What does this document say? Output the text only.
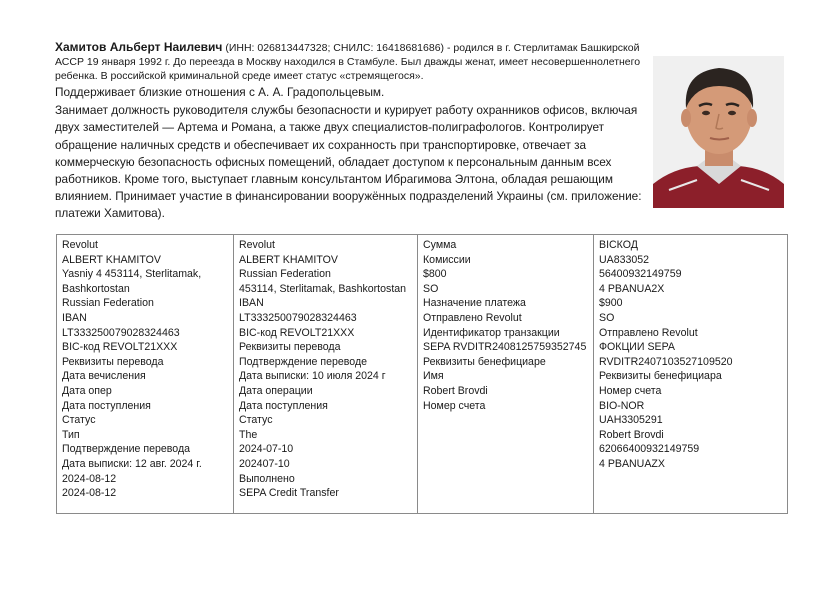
Хамитов Альберт Наилевич (ИНН: 026813447328; СНИЛС: 16418681686) - родился в г. Стерлитамак Башкирской АССР 19 января 1992 г. До переезда в Москву находился в Стамбуле. Был дважды женат, имеет несовершеннолетнего ребенка. В российской криминальной среде имеет статус «стремящегося».
Поддерживает близкие отношения с А. А. Градопольцевым.
Занимает должность руководителя службы безопасности и курирует работу охранников офисов, включая двух заместителей — Артема и Романа, а также двух специалистов-полиграфологов. Контролирует обращение наличных средств и обеспечивает их сохранность при транспортировке, отвечает за коммерческую безопасность офисных помещений, обладает доступом к персональным данным всех работников. Кроме того, выступает главным консультантом Ибрагимова Элтона, обладая решающим влиянием. Принимает участие в финансировании вооружённых подразделений Украины (см. приложение: платежи Хамитова).
Revolut
ALBERT KHAMITOV
Yasniy 4 453114, Sterlitamak, Bashkortostan
Russian Federation
IBAN
LT333250079028324463
BIC-код REVOLT21XXX
Реквизиты перевода
Дата вечисления
Дата опер
Дата поступления
Статус
Тип
Подтверждение перевода
Дата выписки: 12 авг. 2024 г.
2024-08-12
2024-08-12

Revolut
ALBERT KHAMITOV
Russian Federation
453114, Sterlitamak, Bashkortostan
IBAN
LT333250079028324463
BIC-код REVOLT21XXX
Реквизиты перевода
Подтверждение переводе
Дата выписки: 10 июля 2024 г
Дата операции
Дата поступления
Статус
The
2024-07-10
202407-10
Выполнено
SEPA Credit Transfer

Сумма
Комиссии
$800
SO
Назначение платежа
Отправлено Revolut
Идентификатор транзакции
SEPA RVDITR2408125759352745
Реквизиты бенефициаре
Имя
Robert Brovdi
Номер счета

ВІСКОД
UA833052
56400932149759
4 PBANUA2X
$900
SO
Отправлено Revolut
ФОКЦИИ SEPA
RVDITR2407103527109520
Реквизиты бенефициара
Номер счета
BIO-NOR
UAH3305291
Robert Brovdi
62066400932149759
4 PBANUAZX
